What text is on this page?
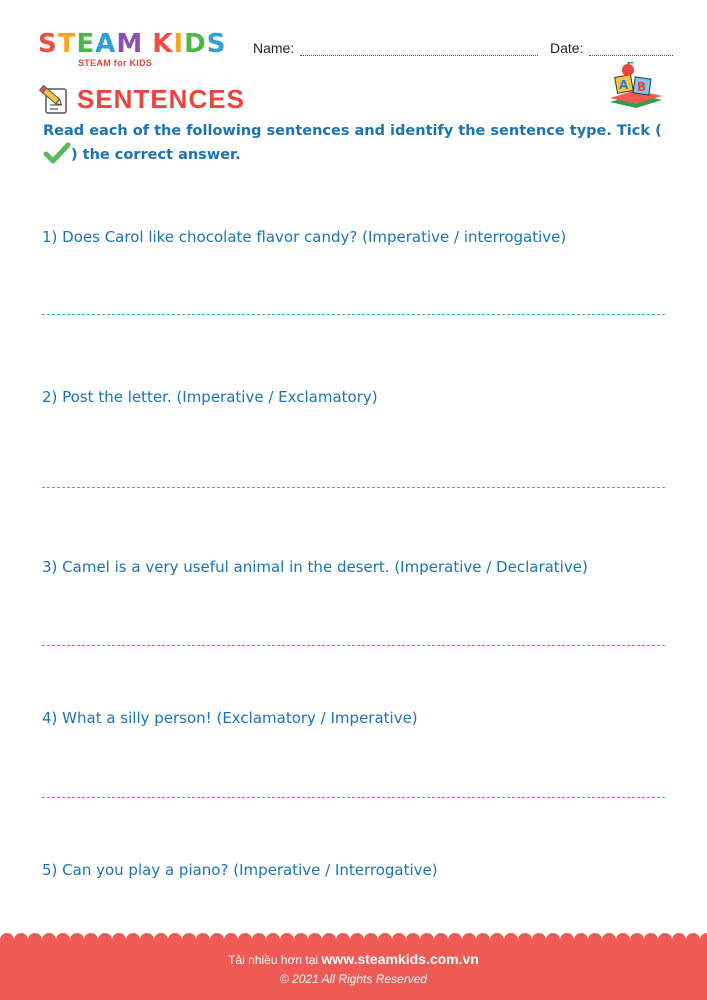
S T E A M K I D S
STEAM for KIDS
Name:	Date:
SENTENCES	A B
Read each of the following sentences and identify the sentence type. Tick () the correct answer.
1) Does Carol like chocolate flavor candy? (Imperative / interrogative)
2) Post the letter. (Imperative / Exclamatory)
3) Camel is a very useful animal in the desert. (Imperative / Declarative)
4) What a silly person! (Exclamatory / Imperative)
5) Can you play a piano? (Imperative / Interrogative)
Tải nhiều hơn tại www.steamkids.com.vn
© 2021 All Rights Reserved
